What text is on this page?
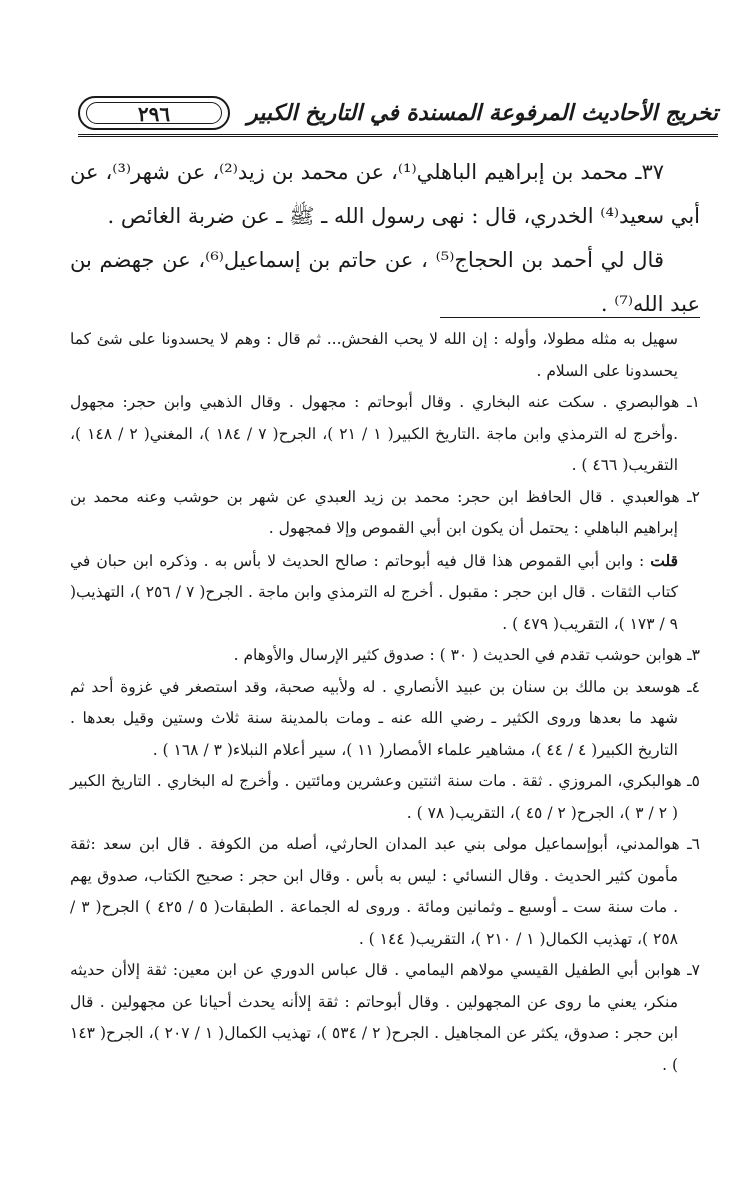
تخريج الأحاديث المرفوعة المسندة في التاريخ الكبير
٢٩٦

٣٧ـ محمد بن إبراهيم الباهلي⁽¹⁾، عن محمد بن زيد⁽²⁾، عن شهر⁽³⁾، عن أبي سعيد⁽⁴⁾ الخدري، قال : نهى رسول الله ـ ﷺ ـ عن ضربة الغائص .

قال لي أحمد بن الحجاج⁽⁵⁾ ، عن حاتم بن إسماعيل⁽⁶⁾، عن جهضم بن عبد الله⁽⁷⁾ .

سهيل به مثله مطولا، وأوله : إن الله لا يحب الفحش... ثم قال : وهم لا يحسدونا على شئ كما يحسدونا على السلام .

١ـ هوالبصري . سكت عنه البخاري . وقال أبوحاتم : مجهول . وقال الذهبي وابن حجر: مجهول .وأخرج له الترمذي وابن ماجة .التاريخ الكبير( ١ / ٢١ )، الجرح( ٧ / ١٨٤ )، المغني( ٢ / ١٤٨ )، التقريب( ٤٦٦ ) .

٢ـ هوالعبدي . قال الحافظ ابن حجر: محمد بن زيد العبدي عن شهر بن حوشب وعنه محمد بن إبراهيم الباهلي : يحتمل أن يكون ابن أبي القموص وإلا فمجهول .

قلت : وابن أبي القموص هذا قال فيه أبوحاتم : صالح الحديث لا بأس به . وذكره ابن حبان في كتاب الثقات . قال ابن حجر : مقبول . أخرج له الترمذي وابن ماجة . الجرح( ٧ / ٢٥٦ )، التهذيب( ٩ / ١٧٣ )، التقريب( ٤٧٩ ) .

٣ـ هوابن حوشب تقدم في الحديث ( ٣٠ ) : صدوق كثير الإرسال والأوهام .

٤ـ هوسعد بن مالك بن سنان بن عبيد الأنصاري . له ولأبيه صحبة، وقد استصغر في غزوة أحد ثم شهد ما بعدها وروى الكثير ـ رضي الله عنه ـ ومات بالمدينة سنة ثلاث وستين وقيل بعدها . التاريخ الكبير( ٤ / ٤٤ )، مشاهير علماء الأمصار( ١١ )، سير أعلام النبلاء( ٣ / ١٦٨ ) .

٥ـ هوالبكري، المروزي . ثقة . مات سنة اثنتين وعشرين ومائتين . وأخرج له البخاري . التاريخ الكبير ( ٢ / ٣ )، الجرح( ٢ / ٤٥ )، التقريب( ٧٨ ) .

٦ـ هوالمدني، أبوإسماعيل مولى بني عبد المدان الحارثي، أصله من الكوفة . قال ابن سعد :ثقة مأمون كثير الحديث . وقال النسائي : ليس به بأس . وقال ابن حجر : صحيح الكتاب، صدوق يهم . مات سنة ست ـ أوسبع ـ وثمانين ومائة . وروى له الجماعة . الطبقات( ٥ / ٤٢٥ ) الجرح( ٣ / ٢٥٨ )، تهذيب الكمال( ١ / ٢١٠ )، التقريب( ١٤٤ ) .

٧ـ هوابن أبي الطفيل القيسي مولاهم اليمامي . قال عباس الدوري عن ابن معين: ثقة إلاأن حديثه منكر، يعني ما روى عن المجهولين . وقال أبوحاتم : ثقة إلاأنه يحدث أحيانا عن مجهولين . قال ابن حجر : صدوق، يكثر عن المجاهيل . الجرح( ٢ / ٥٣٤ )، تهذيب الكمال( ١ / ٢٠٧ )، الجرح( ١٤٣ ) .
